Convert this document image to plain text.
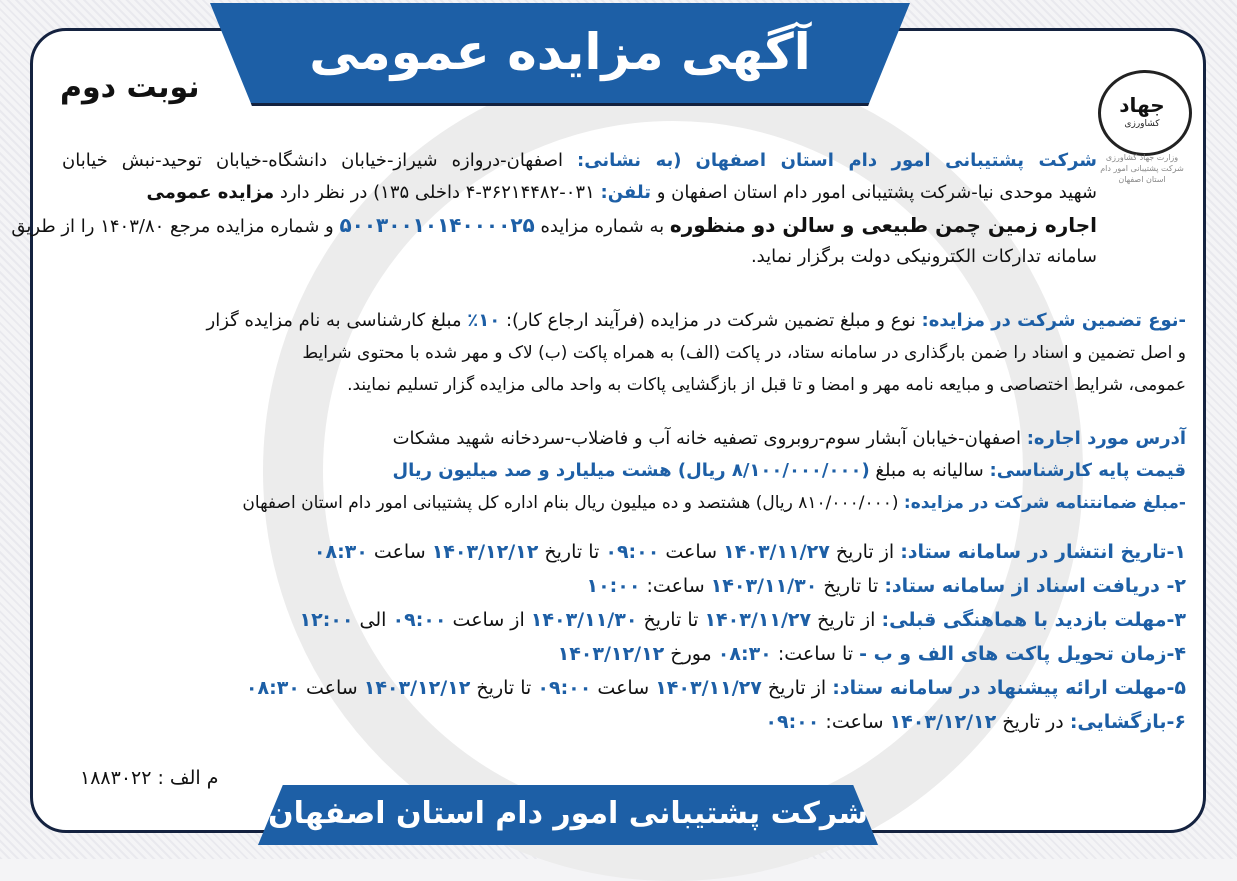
آگهی مزایده عمومی
نوبت دوم	جهاد
کشاورزی
وزارت جهاد کشاورزی شرکت پشتیبانی امور دام استان اصفهان
شرکت پشتیبانی امور دام استان اصفهان (به نشانی: اصفهان-دروازه شیراز-خیابان دانشگاه-خیابان توحید-نبش خیابان
شهید موحدی نیا-شرکت پشتیبانی امور دام استان اصفهان و تلفن: ۰۳۱-۳۶۲۱۴۴۸۲-۴ داخلی ۱۳۵) در نظر دارد مزایده عمومی
اجاره زمین چمن طبیعی و سالن دو منظوره به شماره مزایده ۵۰۰۳۰۰۱۰۱۴۰۰۰۰۲۵ و شماره مزایده مرجع ۱۴۰۳/۸۰ را از طریق
سامانه تدارکات الکترونیکی دولت برگزار نماید.
-نوع تضمین شرکت در مزایده: نوع و مبلغ تضمین شرکت در مزایده (فرآیند ارجاع کار): ۱۰٪ مبلغ کارشناسی به نام مزایده گزار
و اصل تضمین و اسناد را ضمن بارگذاری در سامانه ستاد، در پاکت (الف) به همراه پاکت (ب) لاک و مهر شده با محتوی شرایط
عمومی، شرایط اختصاصی و مبایعه نامه مهر و امضا و تا قبل از بازگشایی پاکات به واحد مالی مزایده گزار تسلیم نمایند.
آدرس مورد اجاره: اصفهان-خیابان آبشار سوم-روبروی تصفیه خانه آب و فاضلاب-سردخانه شهید مشکات
قیمت پایه کارشناسی: سالیانه به مبلغ (۸/۱۰۰/۰۰۰/۰۰۰ ریال) هشت میلیارد و صد میلیون ریال
-مبلغ ضمانتنامه شرکت در مزایده: (۸۱۰/۰۰۰/۰۰۰ ریال) هشتصد و ده میلیون ریال بنام اداره کل پشتیبانی امور دام استان اصفهان
۱-تاریخ انتشار در سامانه ستاد: از تاریخ ۱۴۰۳/۱۱/۲۷ ساعت ۰۹:۰۰ تا تاریخ ۱۴۰۳/۱۲/۱۲ ساعت ۰۸:۳۰
۲- دریافت اسناد از سامانه ستاد: تا تاریخ ۱۴۰۳/۱۱/۳۰ ساعت: ۱۰:۰۰
۳-مهلت بازدید با هماهنگی قبلی: از تاریخ ۱۴۰۳/۱۱/۲۷ تا تاریخ ۱۴۰۳/۱۱/۳۰ از ساعت ۰۹:۰۰ الی ۱۲:۰۰
۴-زمان تحویل پاکت های الف و ب - تا ساعت: ۰۸:۳۰ مورخ ۱۴۰۳/۱۲/۱۲
۵-مهلت ارائه پیشنهاد در سامانه ستاد: از تاریخ ۱۴۰۳/۱۱/۲۷ ساعت ۰۹:۰۰ تا تاریخ ۱۴۰۳/۱۲/۱۲ ساعت ۰۸:۳۰
۶-بازگشایی: در تاریخ ۱۴۰۳/۱۲/۱۲ ساعت: ۰۹:۰۰
م الف : ۱۸۸۳۰۲۲
شرکت پشتیبانی امور دام استان اصفهان
